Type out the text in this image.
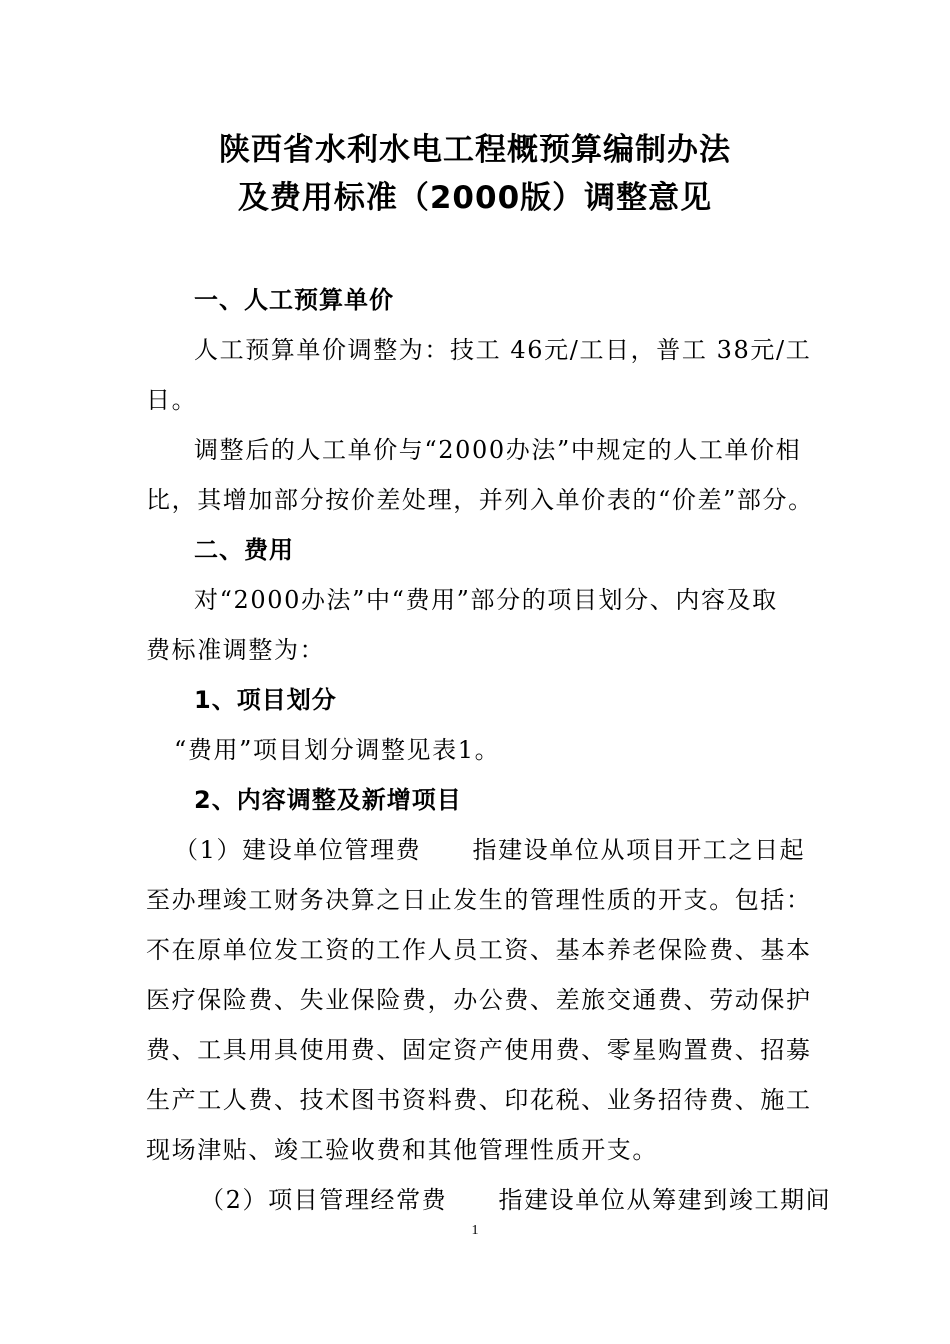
陕西省水利水电工程概预算编制办法
及费用标准（2000版）调整意见
一、人工预算单价
人工预算单价调整为：技工 46元/工日，普工 38元/工
日。
调整后的人工单价与“2000办法”中规定的人工单价相
比，其增加部分按价差处理，并列入单价表的“价差”部分。
二、费用
对“2000办法”中“费用”部分的项目划分、内容及取
费标准调整为：
1、项目划分
“费用”项目划分调整见表1。
2、内容调整及新增项目
（1）建设单位管理费　　指建设单位从项目开工之日起
至办理竣工财务决算之日止发生的管理性质的开支。包括：
不在原单位发工资的工作人员工资、基本养老保险费、基本
医疗保险费、失业保险费，办公费、差旅交通费、劳动保护
费、工具用具使用费、固定资产使用费、零星购置费、招募
生产工人费、技术图书资料费、印花税、业务招待费、施工
现场津贴、竣工验收费和其他管理性质开支。
（2）项目管理经常费　　指建设单位从筹建到竣工期间
1
